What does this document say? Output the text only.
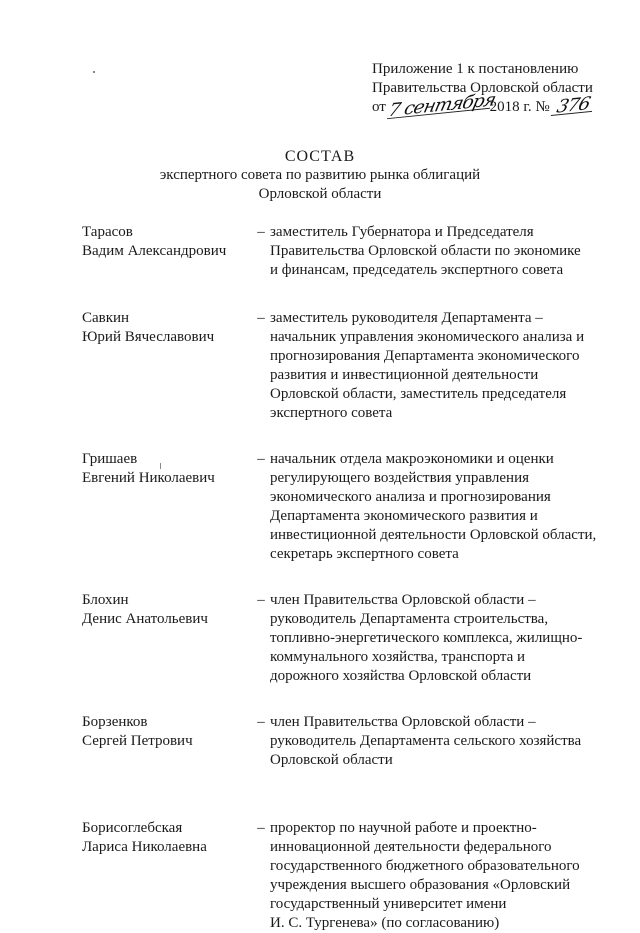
Приложение 1 к постановлению
Правительства Орловской области
от 7 сентября2018 г. № 376
СОСТАВ
экспертного совета по развитию рынка облигаций
Орловской области
Тарасов
Вадим Александрович
– заместитель Губернатора и Председателя
Правительства Орловской области по экономике
и финансам, председатель экспертного совета
Савкин
Юрий Вячеславович
– заместитель руководителя Департамента –
начальник управления экономического анализа и
прогнозирования Департамента экономического
развития и инвестиционной деятельности
Орловской области, заместитель председателя
экспертного совета
Гришаев
Евгений Николаевич
– начальник отдела макроэкономики и оценки
регулирующего воздействия управления
экономического анализа и прогнозирования
Департамента экономического развития и
инвестиционной деятельности Орловской области,
секретарь экспертного совета
Блохин
Денис Анатольевич
– член Правительства Орловской области –
руководитель Департамента строительства,
топливно-энергетического комплекса, жилищно-
коммунального хозяйства, транспорта и
дорожного хозяйства Орловской области
Борзенков
Сергей Петрович
– член Правительства Орловской области –
руководитель Департамента сельского хозяйства
Орловской области
Борисоглебская
Лариса Николаевна
– проректор по научной работе и проектно-
инновационной деятельности федерального
государственного бюджетного образовательного
учреждения высшего образования «Орловский
государственный университет имени
И. С. Тургенева» (по согласованию)
